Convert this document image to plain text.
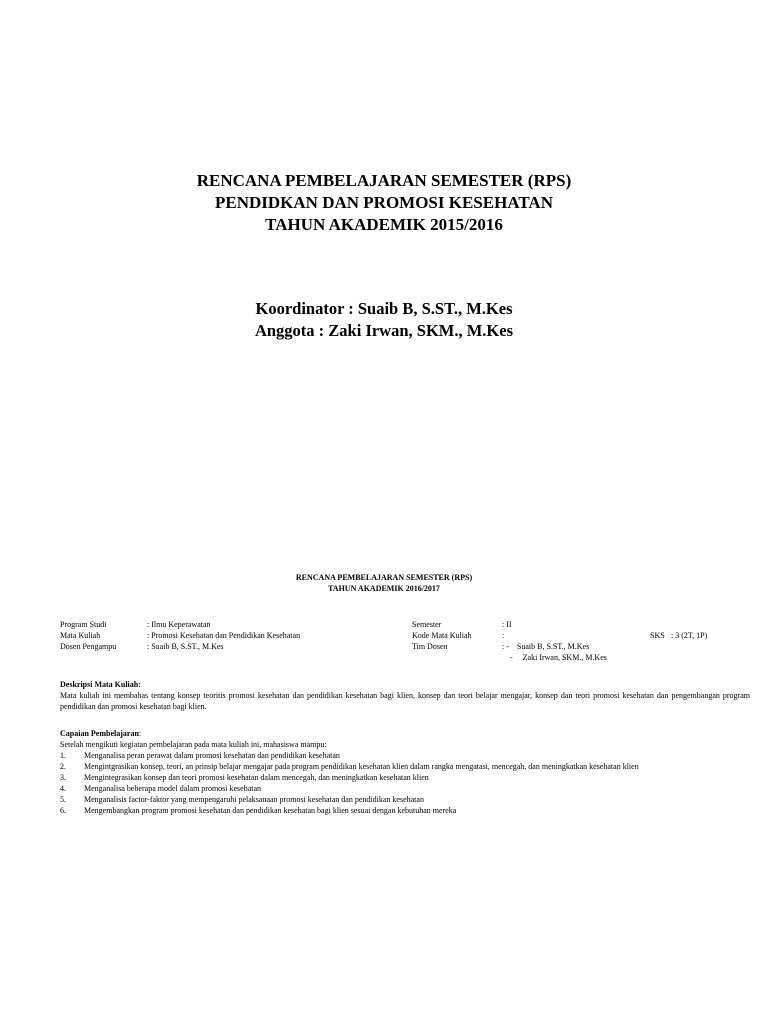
RENCANA PEMBELAJARAN SEMESTER (RPS)
PENDIDKAN DAN PROMOSI KESEHATAN
TAHUN AKADEMIK 2015/2016
Koordinator : Suaib B, S.ST., M.Kes
Anggota : Zaki Irwan, SKM., M.Kes
RENCANA PEMBELAJARAN SEMESTER (RPS)
TAHUN AKADEMIK 2016/2017
Program Studi	: Ilmu Keperawatan	Semester	: II
Mata Kuliah	: Promosi Kesehatan dan Pendidikan Kesehatan	Kode Mata Kuliah	:	SKS : 3 (2T, 1P)
Dosen Pengampu	: Suaib B, S.ST., M.Kes	Tim Dosen	: -    Suaib B, S.ST., M.Kes
-     Zaki Irwan, SKM., M.Kes
Deskripsi Mata Kuliah:
Mata kuliah ini membahas tentang konsep teoritis promosi kesehatan dan pendidikan kesehatan bagi klien, konsep dan teori belajar mengajar, konsep dan teori promosi kesehatan dan pengembangan program pendidikan dan promosi kesehatan bagi klien.
Capaian Pembelajaran:
Setelah mengikuti kegiatan pembelajaran pada mata kuliah ini, mahasiswa mampu:
1. Menganalisa peran perawat dalam promosi kesehatan dan pendidikan kesehatan
2. Mengintgrasikan konsep, teori, an prinsip belajar mengajar pada program pendidikan kesehatan klien dalam rangka mengatasi, mencegah, dan meningkatkan kesehatan klien
3. Mengintegrasikan konsep dan teori promosi kesehatan dalam mencegah, dan meningkatkan kesehatan klien
4. Menganalisa beberapa model dalam promosi kesehatan
5. Menganalisis factor-faktor yang mempengaruhi pelaksanaan promosi kesehatan dan pendidikan kesehatan
6. Mengembangkan program promosi kesehatan dan pendidikan kesehatan bagi klien sesuai dengan kebutuhan mereka
